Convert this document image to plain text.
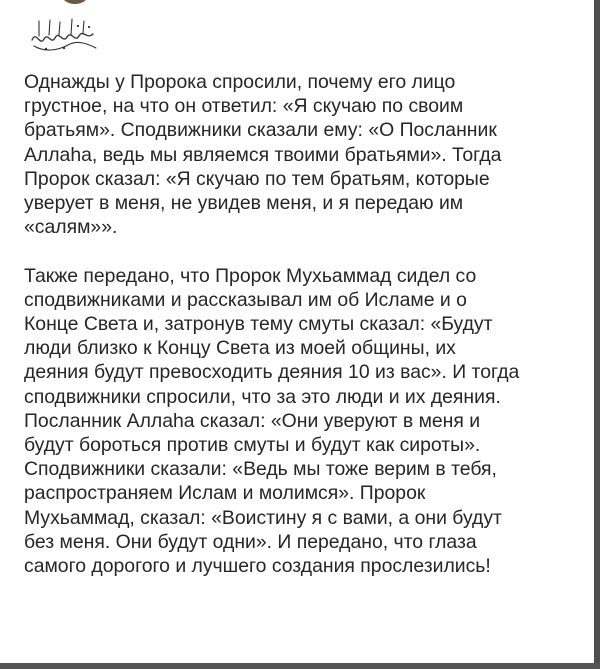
Однажды у Пророка спросили, почему его лицо
грустное, на что он ответил: «Я скучаю по своим
братьям». Сподвижники сказали ему: «О Посланник
Аллаhа, ведь мы являемся твоими братьями». Тогда
Пророк сказал: «Я скучаю по тем братьям, которые
уверует в меня, не увидев меня, и я передаю им
«салям»».

Также передано, что Пророк Мухьаммад сидел со
сподвижниками и рассказывал им об Исламе и о
Конце Света и, затронув тему смуты сказал: «Будут
люди близко к Концу Света из моей общины, их
деяния будут превосходить деяния 10 из вас». И тогда
сподвижники спросили, что за это люди и их деяния.
Посланник Аллаhа сказал: «Они уверуют в меня и
будут бороться против смуты и будут как сироты».
Сподвижники сказали: «Ведь мы тоже верим в тебя,
распространяем Ислам и молимся». Пророк
Мухьаммад, сказал: «Воистину я с вами, а они будут
без меня. Они будут одни». И передано, что глаза
самого дорогого и лучшего создания прослезились!
